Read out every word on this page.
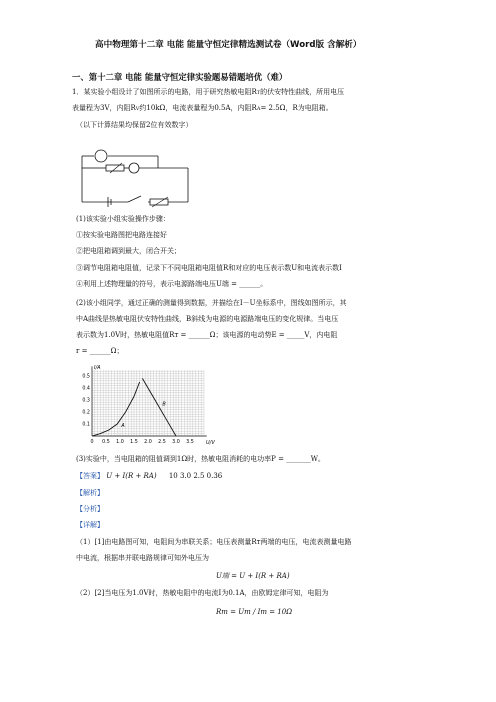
高中物理第十二章 电能 能量守恒定律精选测试卷（Word版 含解析）
一、第十二章 电能 能量守恒定律实验题易错题培优（难）
1．某实验小组设计了如图所示的电路，用于研究热敏电阻RT的伏安特性曲线，所用电压
表量程为3V，内阻RV约10kΩ，电流表量程为0.5A，内阻RA= 2.5Ω，R为电阻箱。
（以下计算结果均保留2位有效数字）
(1)该实验小组实验操作步骤：
①按实验电路图把电路连接好
②把电阻箱调到最大，闭合开关；
③调节电阻箱电阻值，记录下不同电阻箱电阻值R和对应的电压表示数U和电流表示数I
④利用上述物理量的符号，表示电源路端电压U端 = ______。
(2)该小组同学，通过正确的测量得到数据，并描绘在I－U坐标系中，图线如图所示，其
中A曲线是热敏电阻伏安特性曲线，B斜线为电源的电源路端电压的变化规律。当电压
表示数为1.0V时，热敏电阻值Rт = ______Ω；该电源的电动势E = _____V，内电阻
r = ______Ω；
0 0.5 1.0 1.5 2.0 2.5 3.0 3.5
0.1
0.2
0.3
0.4
0.5
U/V
I/A
A
B
(3)实验中，当电阻箱的阻值调到1Ω时，热敏电阻消耗的电功率P = _______W。
【答案】 U + I(R + RA) 10 3.0 2.5 0.36
【解析】
【分析】
【详解】
（1）[1]由电路图可知，电阻间为串联关系；电压表测量Rт两端的电压，电流表测量电路
中电流，根据串并联电路规律可知外电压为
U端 = U + I(R + RA)
（2）[2]当电压为1.0V时，热敏电阻中的电流I为0.1A，由欧姆定律可知，电阻为
Rт = Uт / Iт = 10Ω
